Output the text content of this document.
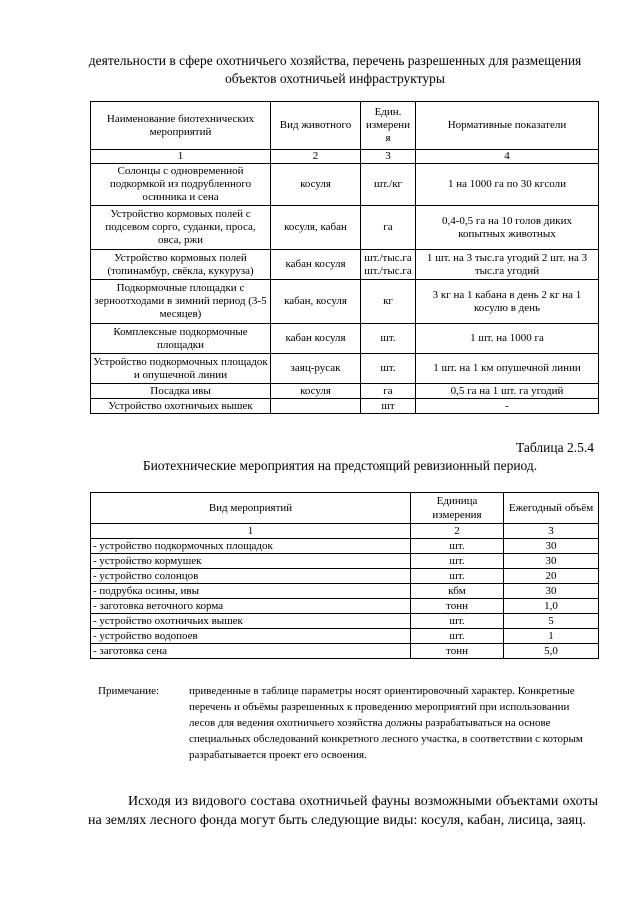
деятельности в сфере охотничьего хозяйства, перечень разрешенных для размещения объектов охотничьей инфраструктуры
Наименование биотехнических мероприятий	Вид животного	Един. измерени я	Нормативные показатели
1	2	3	4
Солонцы с одновременной подкормкой из подрубленного осинника и сена	косуля	шт./кг	1 на 1000 га по 30 кгсоли
Устройство кормовых полей с подсевом сорго, суданки, проса, овса, ржи	косуля, кабан	га	0,4-0,5 га на 10 голов диких копытных животных
Устройство кормовых полей (топинамбур, свёкла, кукуруза)	кабан косуля	шт./тыс.га шт./тыс.га	1 шт. на 3 тыс.га угодий 2 шт. на 3 тыс.га угодий
Подкормочные площадки с зерноотходами в зимний период (3-5 месяцев)	кабан, косуля	кг	3 кг на 1 кабана в день 2 кг на 1 косулю в день
Комплексные подкормочные площадки	кабан косуля	шт.	1 шт. на 1000 га
Устройство подкормочных площадок и опушечной линии	заяц-русак	шт.	1 шт. на 1 км опушечной линии
Посадка ивы	косуля	га	0,5 га на 1 шт. га угодий
Устройство охотничьих вышек		шт	-
Таблица 2.5.4
Биотехнические мероприятия на предстоящий ревизионный период.
Вид мероприятий	Единица измерения	Ежегодный объём
1	2	3
- устройство подкормочных площадок	шт.	30
- устройство кормушек	шт.	30
- устройство солонцов	шт.	20
- подрубка осины, ивы	кбм	30
- заготовка веточного корма	тонн	1,0
- устройство охотничьих вышек	шт.	5
- устройство водопоев	шт.	1
- заготовка сена	тонн	5,0
Примечание:	приведенные в таблице параметры носят ориентировочный характер. Конкретные перечень и объёмы разрешенных к проведению мероприятий при использовании лесов для ведения охотничьего хозяйства должны разрабатываться на основе специальных обследований конкретного лесного участка, в соответствии с которым разрабатывается проект его освоения.
Исходя из видового состава охотничьей фауны возможными объектами охоты на землях лесного фонда могут быть следующие виды: косуля, кабан, лисица, заяц.
